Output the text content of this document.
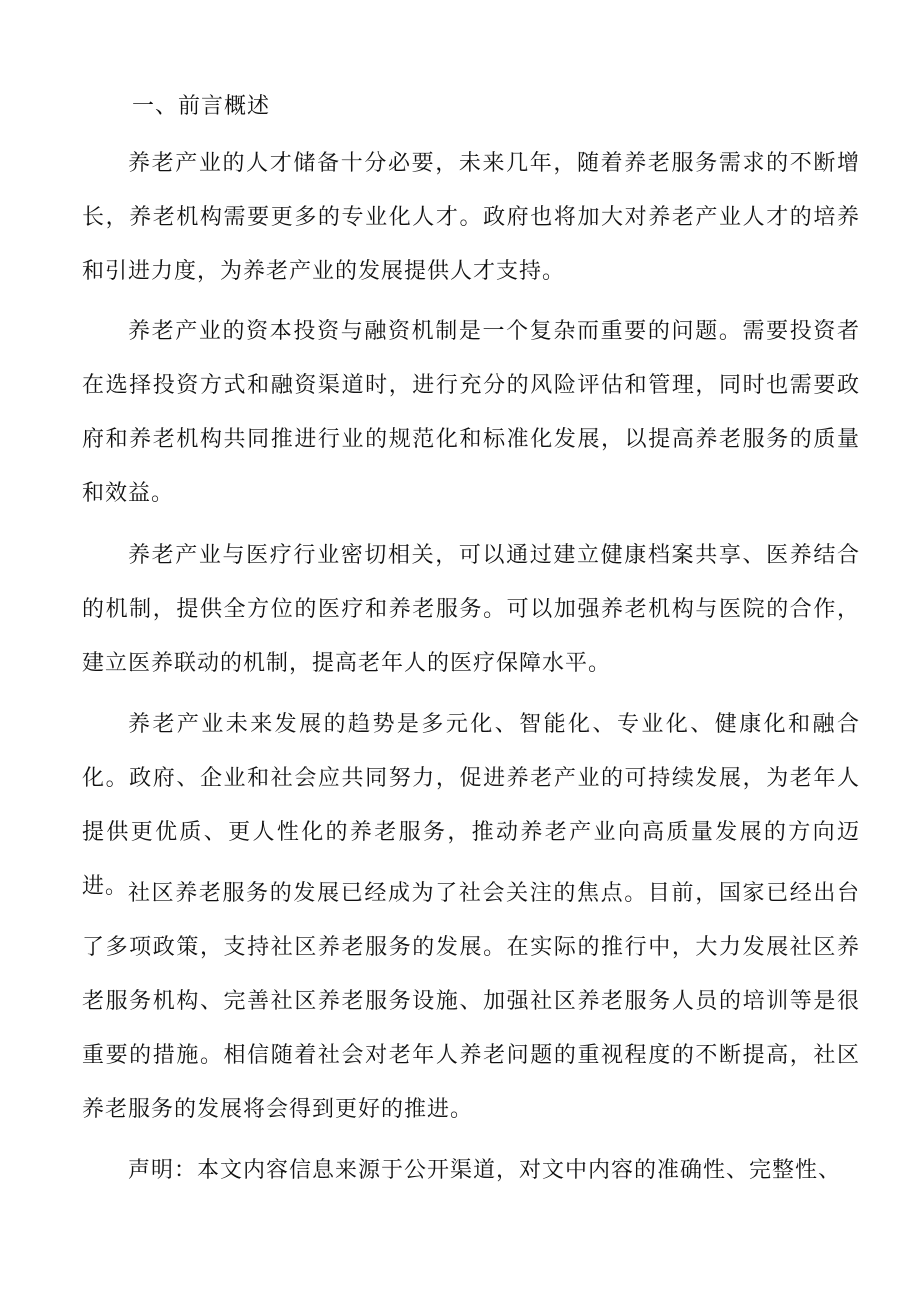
一、前言概述

养老产业的人才储备十分必要，未来几年，随着养老服务需求的不断增长，养老机构需要更多的专业化人才。政府也将加大对养老产业人才的培养和引进力度，为养老产业的发展提供人才支持。

养老产业的资本投资与融资机制是一个复杂而重要的问题。需要投资者在选择投资方式和融资渠道时，进行充分的风险评估和管理，同时也需要政府和养老机构共同推进行业的规范化和标准化发展，以提高养老服务的质量和效益。

养老产业与医疗行业密切相关，可以通过建立健康档案共享、医养结合的机制，提供全方位的医疗和养老服务。可以加强养老机构与医院的合作，建立医养联动的机制，提高老年人的医疗保障水平。

养老产业未来发展的趋势是多元化、智能化、专业化、健康化和融合化。政府、企业和社会应共同努力，促进养老产业的可持续发展，为老年人提供更优质、更人性化的养老服务，推动养老产业向高质量发展的方向迈进。 社区养老服务的发展已经成为了社会关注的焦点。目前，国家已经出台了多项政策，支持社区养老服务的发展。在实际的推行中，大力发展社区养老服务机构、完善社区养老服务设施、加强社区养老服务人员的培训等是很重要的措施。相信随着社会对老年人养老问题的重视程度的不断提高，社区养老服务的发展将会得到更好的推进。

声明：本文内容信息来源于公开渠道，对文中内容的准确性、完整性、
